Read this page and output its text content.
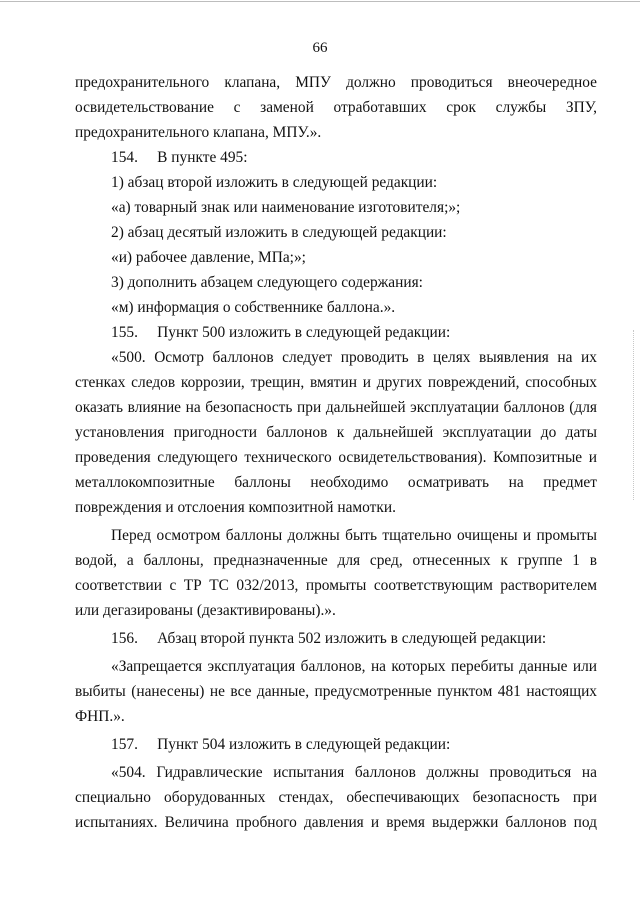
66

предохранительного клапана, МПУ должно проводиться внеочередное освидетельствование с заменой отработавших срок службы ЗПУ, предохранительного клапана, МПУ.».

154.     В пункте 495:

1) абзац второй изложить в следующей редакции:

«а) товарный знак или наименование изготовителя;»;

2) абзац десятый изложить в следующей редакции:

«и) рабочее давление, МПа;»;

3) дополнить абзацем следующего содержания:

«м) информация о собственнике баллона.».

155.     Пункт 500 изложить в следующей редакции:

«500. Осмотр баллонов следует проводить в целях выявления на их стенках следов коррозии, трещин, вмятин и других повреждений, способных оказать влияние на безопасность при дальнейшей эксплуатации баллонов (для установления пригодности баллонов к дальнейшей эксплуатации до даты проведения следующего технического освидетельствования). Композитные и металлокомпозитные баллоны необходимо осматривать на предмет повреждения и отслоения композитной намотки.

Перед осмотром баллоны должны быть тщательно очищены и промыты водой, а баллоны, предназначенные для сред, отнесенных к группе 1 в соответствии с ТР ТС 032/2013, промыты соответствующим растворителем или дегазированы (дезактивированы).».

156.     Абзац второй пункта 502 изложить в следующей редакции:

«Запрещается эксплуатация баллонов, на которых перебиты данные или выбиты (нанесены) не все данные, предусмотренные пунктом 481 настоящих ФНП.».

157.     Пункт 504 изложить в следующей редакции:

«504. Гидравлические испытания баллонов должны проводиться на специально оборудованных стендах, обеспечивающих безопасность при испытаниях. Величина пробного давления и время выдержки баллонов под
